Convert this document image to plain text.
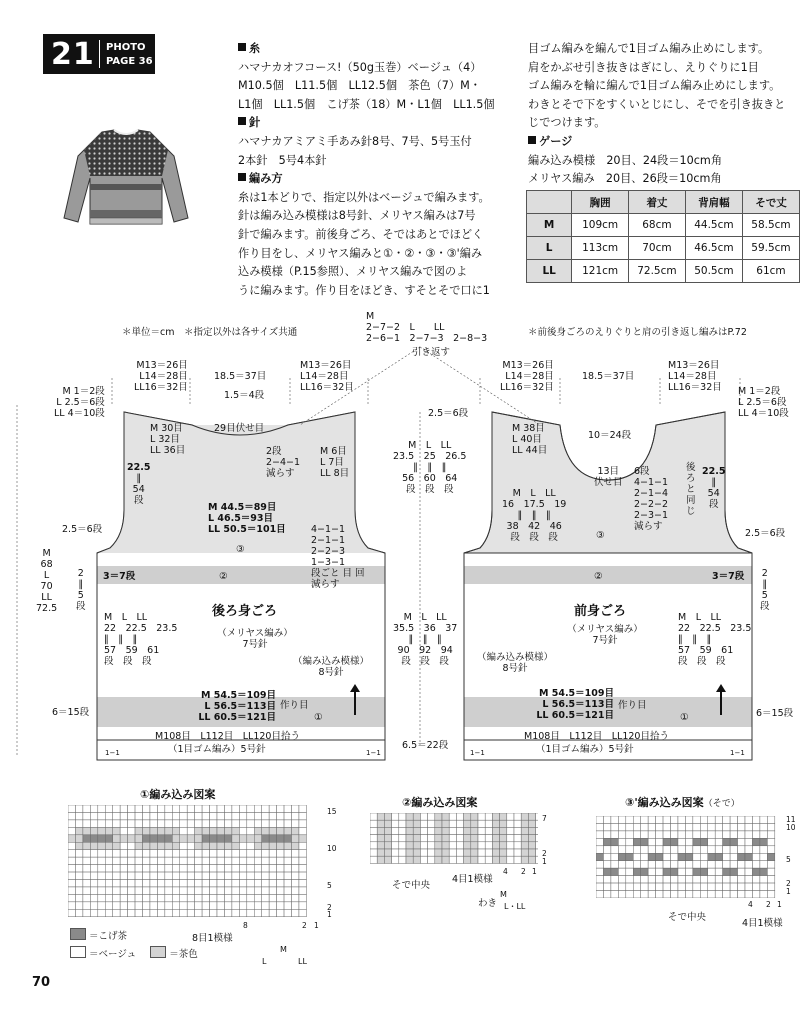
21 PHOTO
PAGE 36
糸
ハマナカオフコース!（50g玉巻）ベージュ（4）
M10.5個　L11.5個　LL12.5個　茶色（7）M・
L1個　LL1.5個　こげ茶（18）M・L1個　LL1.5個
針
ハマナカアミアミ手あみ針8号、7号、5号玉付
2本針　5号4本針
編み方
糸は1本どりで、指定以外はベージュで編みます。
針は編み込み模様は8号針、メリヤス編みは7号
針で編みます。前後身ごろ、そではあとでほどく
作り目をし、メリヤス編みと①・②・③・③'編み
込み模様（P.15参照）、メリヤス編みで図のよ
うに編みます。作り目をほどき、すそとそで口に1
目ゴム編みを編んで1目ゴム編み止めにします。
肩をかぶせ引き抜きはぎにし、えりぐりに1目
ゴム編みを輪に編んで1目ゴム編み止めにします。
わきとそで下をすくいとじにし、そでを引き抜きと
じでつけます。
ゲージ
編み込み模様　20目、24段＝10cm角
メリヤス編み　20目、26段＝10cm角
	胸囲	着丈	背肩幅	そで丈
M	109cm	68cm	44.5cm	58.5cm
L	113cm	70cm	46.5cm	59.5cm
LL	121cm	72.5cm	50.5cm	61cm
＊単位＝cm　＊指定以外は各サイズ共通	＊前後身ごろのえりぐりと肩の引き返し編みはP.72
M
2−7−2　L　　LL
2−6−1　2−7−3　2−8−3
引き返す
M13＝26目
L14＝28目
LL16＝32目
18.5＝37目
M13＝26目
L14＝28目
LL16＝32目
1.5＝4段
M 1＝2段
L 2.5＝6段
LL 4＝10段
29目伏せ目
M 30目
L 32目
LL 36目
22.5
‖
54
段
2段
2−4−1
減らす
M 6目
L 7目
LL 8目
M 44.5＝89目
L 46.5＝93目
LL 50.5＝101目	4−1−1
2−1−1
2−2−3
1−3−1
段ごと 目 回
減らす
2.5＝6段
③
3＝7段	②
M
68
L
70
LL
72.5
2
‖
5
段	後ろ身ごろ
（メリヤス編み）
7号針
M　L　LL
22　22.5　23.5
‖　‖　‖
57　59　61
段　段　段	（編み込み模様）
8号針
M 54.5＝109目
L 56.5＝113目
LL 60.5＝121目
作り目
①
6＝15段
M108目　L112目　LL120目拾う
（1目ゴム編み）5号針
1−1	1−1
2.5＝6段
M　L　LL
23.5　25　26.5
‖　‖　‖
56　60　64
段　段　段
M　L　LL
35.5　36　37
‖　‖　‖
90　92　94
段　段　段
6.5＝22段
M13＝26目
L14＝28目
LL16＝32目
18.5＝37目
M13＝26目
L14＝28目
LL16＝32目 M 1＝2段
L 2.5＝6段
LL 4＝10段
M 38目
L 40目
LL 44目
10＝24段
13目
伏せ目
6段
4−1−1
2−1−4
2−2−2
2−3−1
減らす
後ろと同じ
22.5
‖
54
段
M　L　LL
16　17.5　19
‖　‖　‖
38　42　46
段　段　段	③	2.5＝6段
②	3＝7段 2
‖
5
段
前身ごろ
（メリヤス編み）
7号針
M　L　LL
22　22.5　23.5
‖　‖　‖
57　59　61
段　段　段
（編み込み模様）
8号針
M 54.5＝109目
L 56.5＝113目
LL 60.5＝121目
作り目
①	6＝15段
M108目　L112目　LL120目拾う
（1目ゴム編み）5号針
1−1	1−1
①編み込み図案
15
10
5
2
1
8	2 1
8目1模様
M
L	LL
②編み込み図案
7
2
1
4 2 1
そで中央
4目1模様
わき
M
L・LL
③'編み込み図案（そで）
11
10
5
2
1
4 2 1
そで中央
4目1模様
＝こげ茶
＝ベージュ	＝茶色
70
